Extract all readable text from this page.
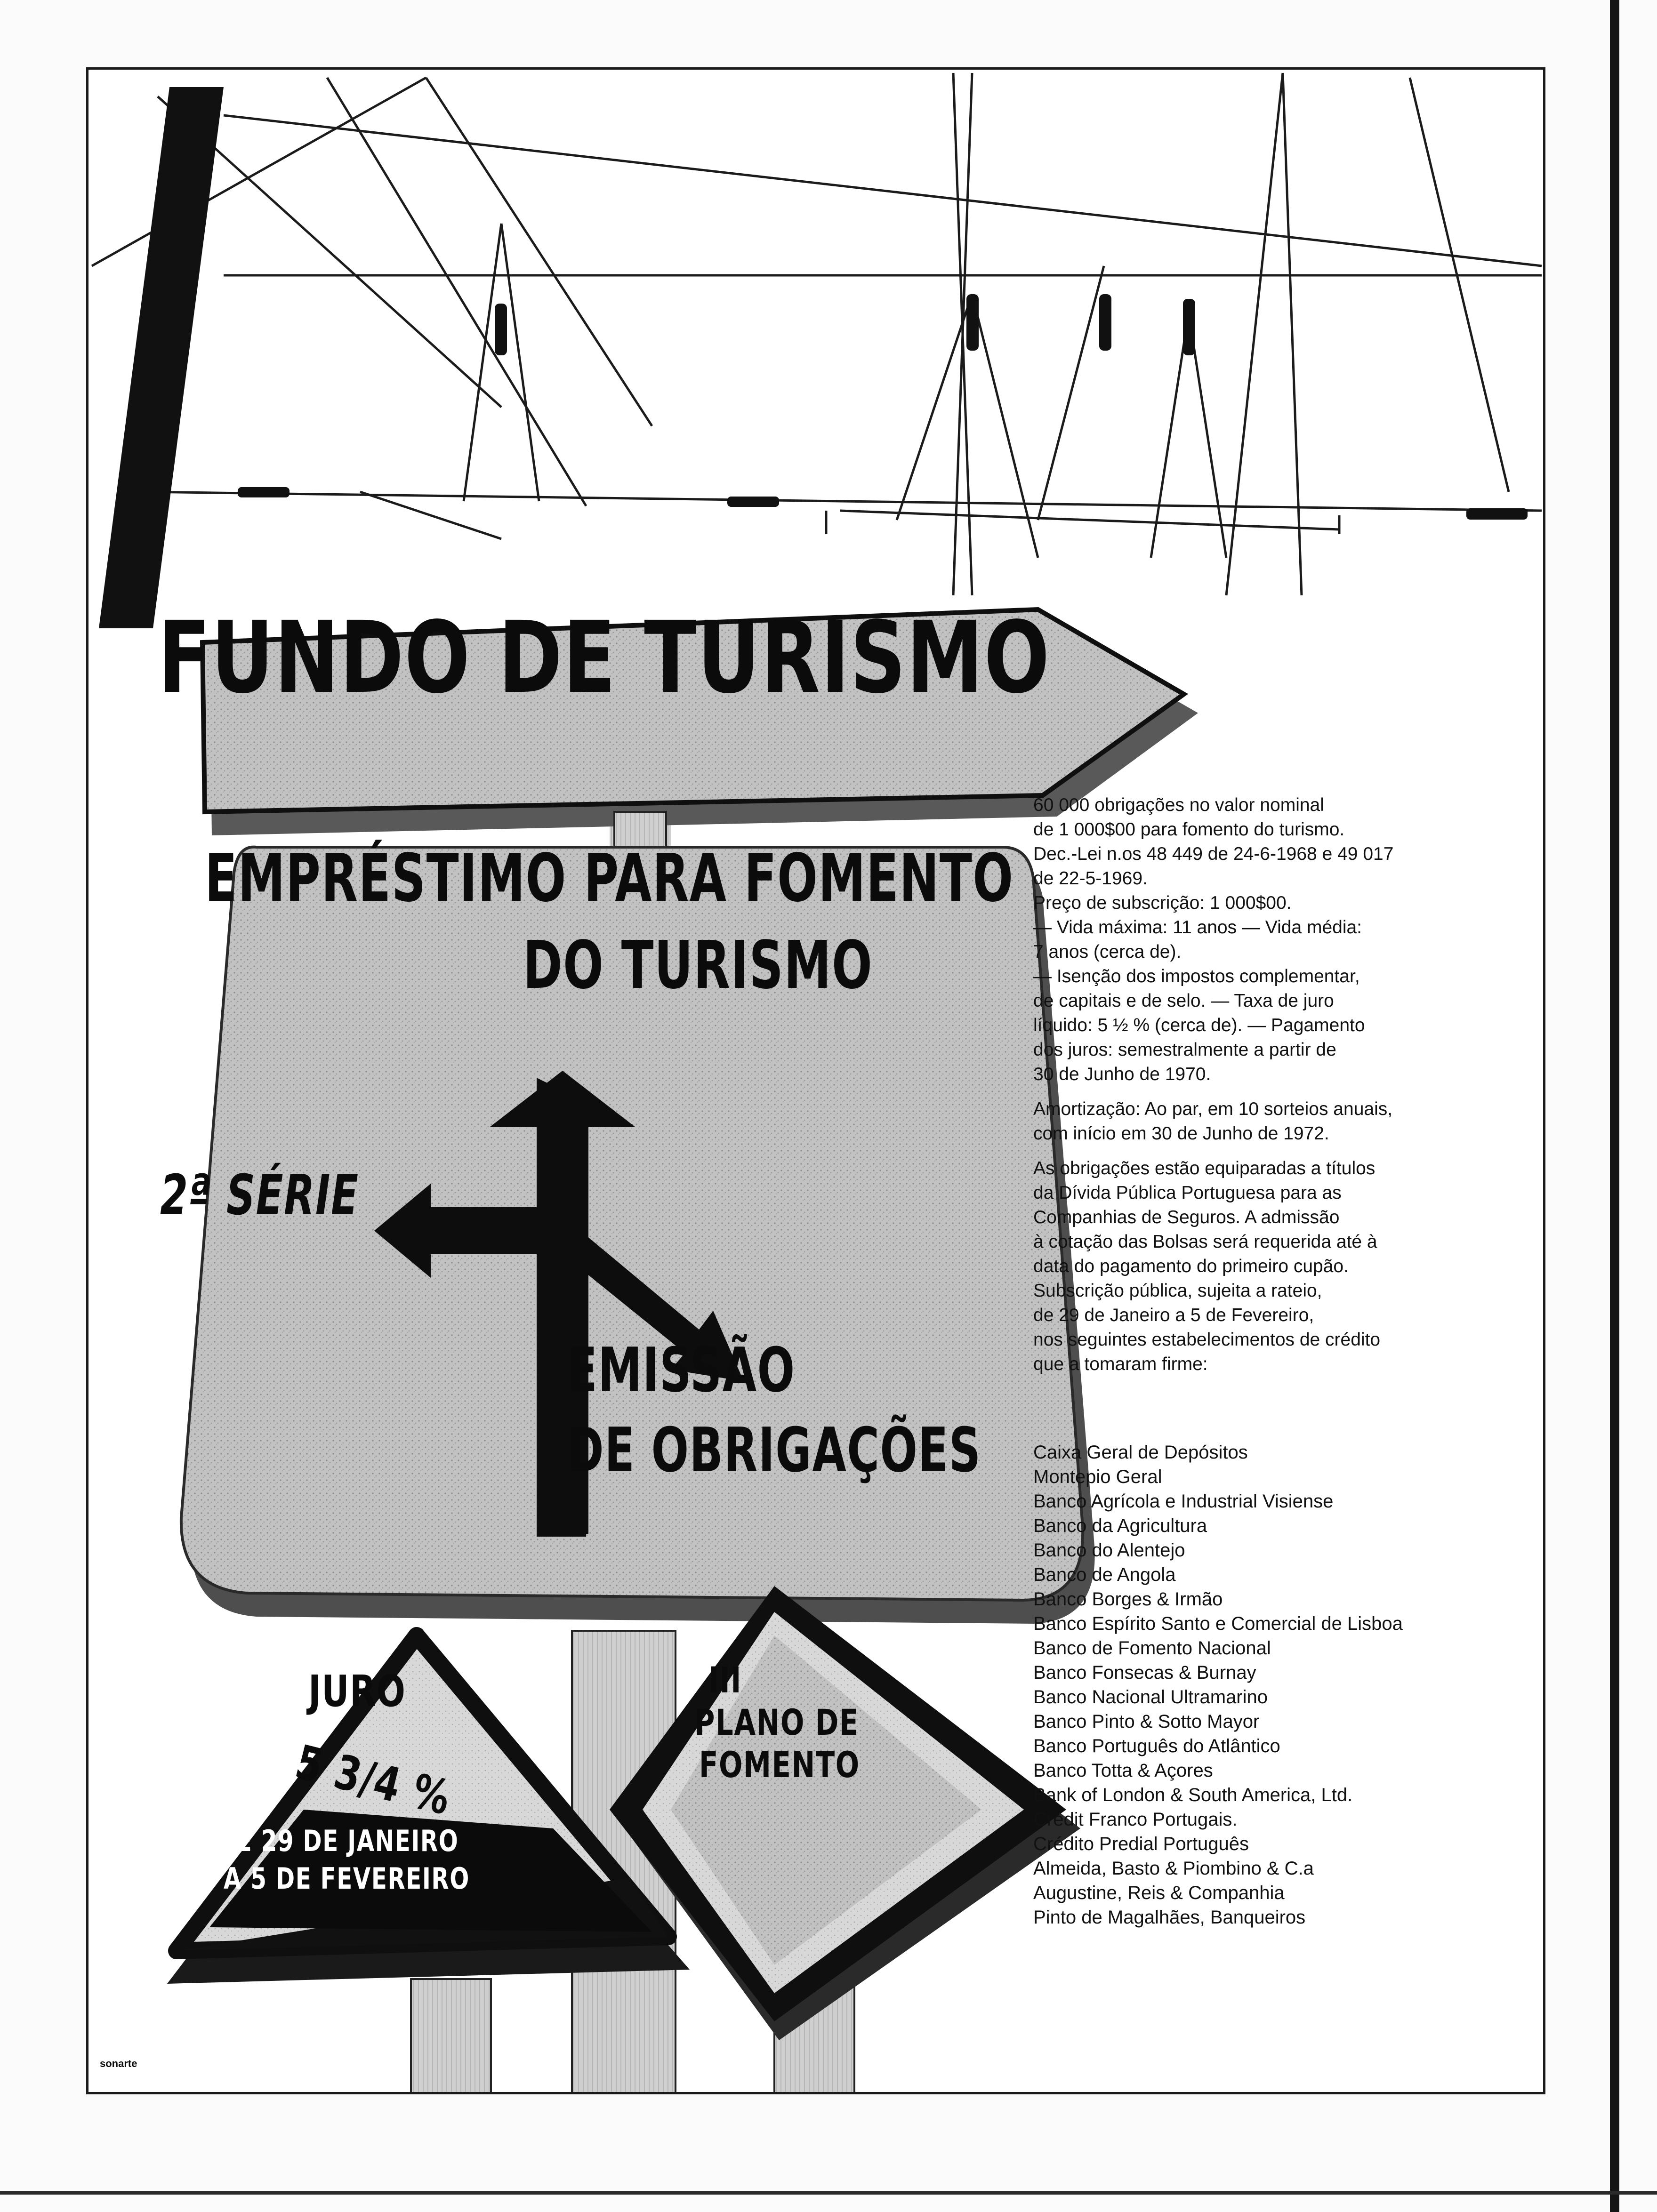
FUNDO DE TURISMO
EMPRÉSTIMO PARA FOMENTO
DO TURISMO
2ª SÉRIE
EMISSÃO
DE OBRIGAÇÕES
JURO
5 3/4 %
DE 29 DE JANEIRO
A 5 DE FEVEREIRO
III
PLANO DE
FOMENTO

60 000 obrigações no valor nominal
de 1 000$00 para fomento do turismo.
Dec.-Lei n.os 48 449 de 24-6-1968 e 49 017
de 22-5-1969.
Preço de subscrição: 1 000$00.
— Vida máxima: 11 anos — Vida média:
7 anos (cerca de).
— Isenção dos impostos complementar,
de capitais e de selo. — Taxa de juro
líquido: 5 ½ % (cerca de). — Pagamento
dos juros: semestralmente a partir de
30 de Junho de 1970.

Amortização: Ao par, em 10 sorteios anuais,
com início em 30 de Junho de 1972.

As obrigações estão equiparadas a títulos
da Dívida Pública Portuguesa para as
Companhias de Seguros. A admissão
à cotação das Bolsas será requerida até à
data do pagamento do primeiro cupão.
Subscrição pública, sujeita a rateio,
de 29 de Janeiro a 5 de Fevereiro,
nos seguintes estabelecimentos de crédito
que a tomaram firme:

Caixa Geral de Depósitos
Montepio Geral
Banco Agrícola e Industrial Visiense
Banco da Agricultura
Banco do Alentejo
Banco de Angola
Banco Borges & Irmão
Banco Espírito Santo e Comercial de Lisboa
Banco de Fomento Nacional
Banco Fonsecas & Burnay
Banco Nacional Ultramarino
Banco Pinto & Sotto Mayor
Banco Português do Atlântico
Banco Totta & Açores
Bank of London & South America, Ltd.
Crédit Franco Portugais.
Crédito Predial Português
Almeida, Basto & Piombino & C.a
Augustine, Reis & Companhia
Pinto de Magalhães, Banqueiros
sonarte
